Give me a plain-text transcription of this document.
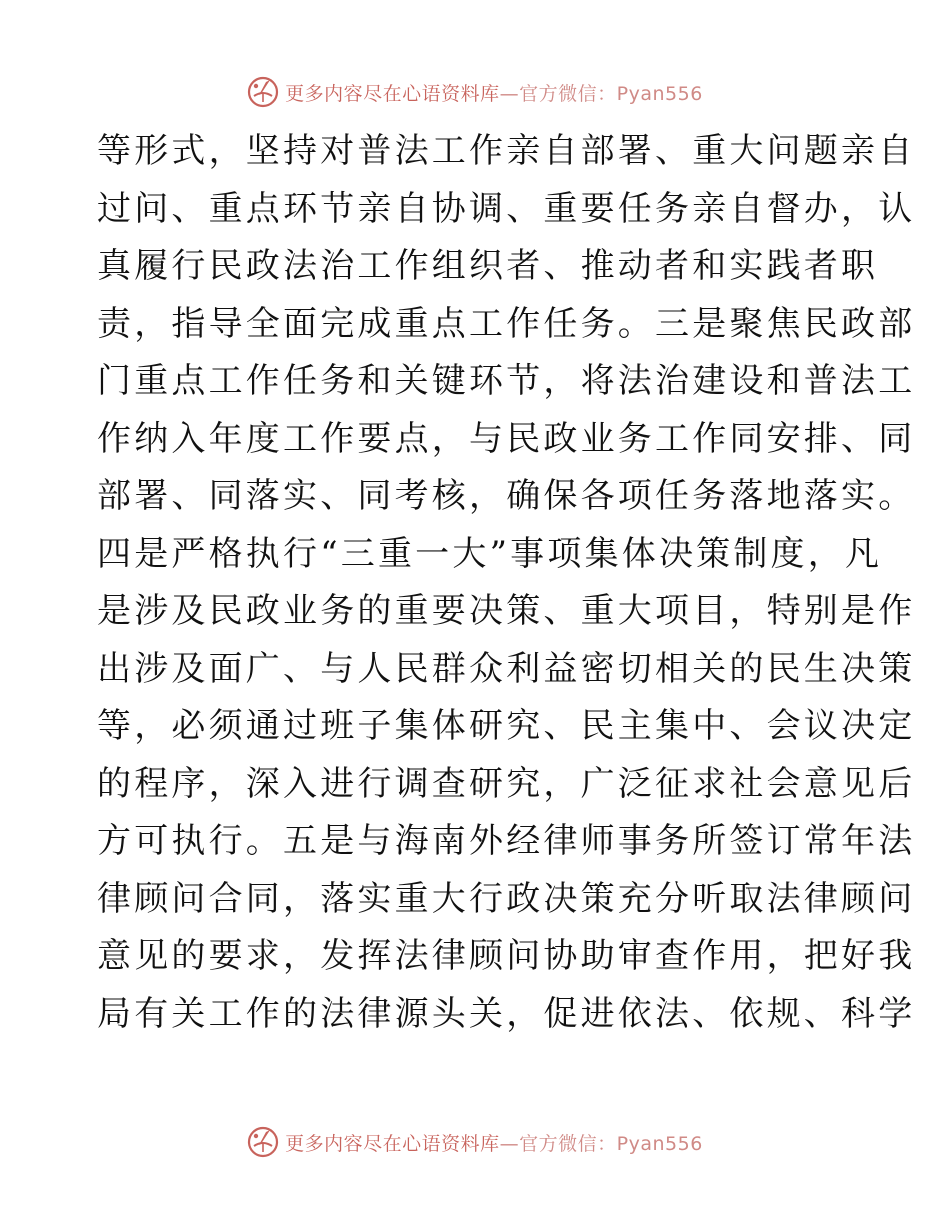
更多内容尽在心语资料库—官方微信：Pyan556
等形式，坚持对普法工作亲自部署、重大问题亲自
过问、重点环节亲自协调、重要任务亲自督办，认
真履行民政法治工作组织者、推动者和实践者职
责，指导全面完成重点工作任务。三是聚焦民政部
门重点工作任务和关键环节，将法治建设和普法工
作纳入年度工作要点，与民政业务工作同安排、同
部署、同落实、同考核，确保各项任务落地落实。
四是严格执行“三重一大”事项集体决策制度，凡
是涉及民政业务的重要决策、重大项目，特别是作
出涉及面广、与人民群众利益密切相关的民生决策
等，必须通过班子集体研究、民主集中、会议决定
的程序，深入进行调查研究，广泛征求社会意见后
方可执行。五是与海南外经律师事务所签订常年法
律顾问合同，落实重大行政决策充分听取法律顾问
意见的要求，发挥法律顾问协助审查作用，把好我
局有关工作的法律源头关，促进依法、依规、科学
更多内容尽在心语资料库—官方微信：Pyan556
